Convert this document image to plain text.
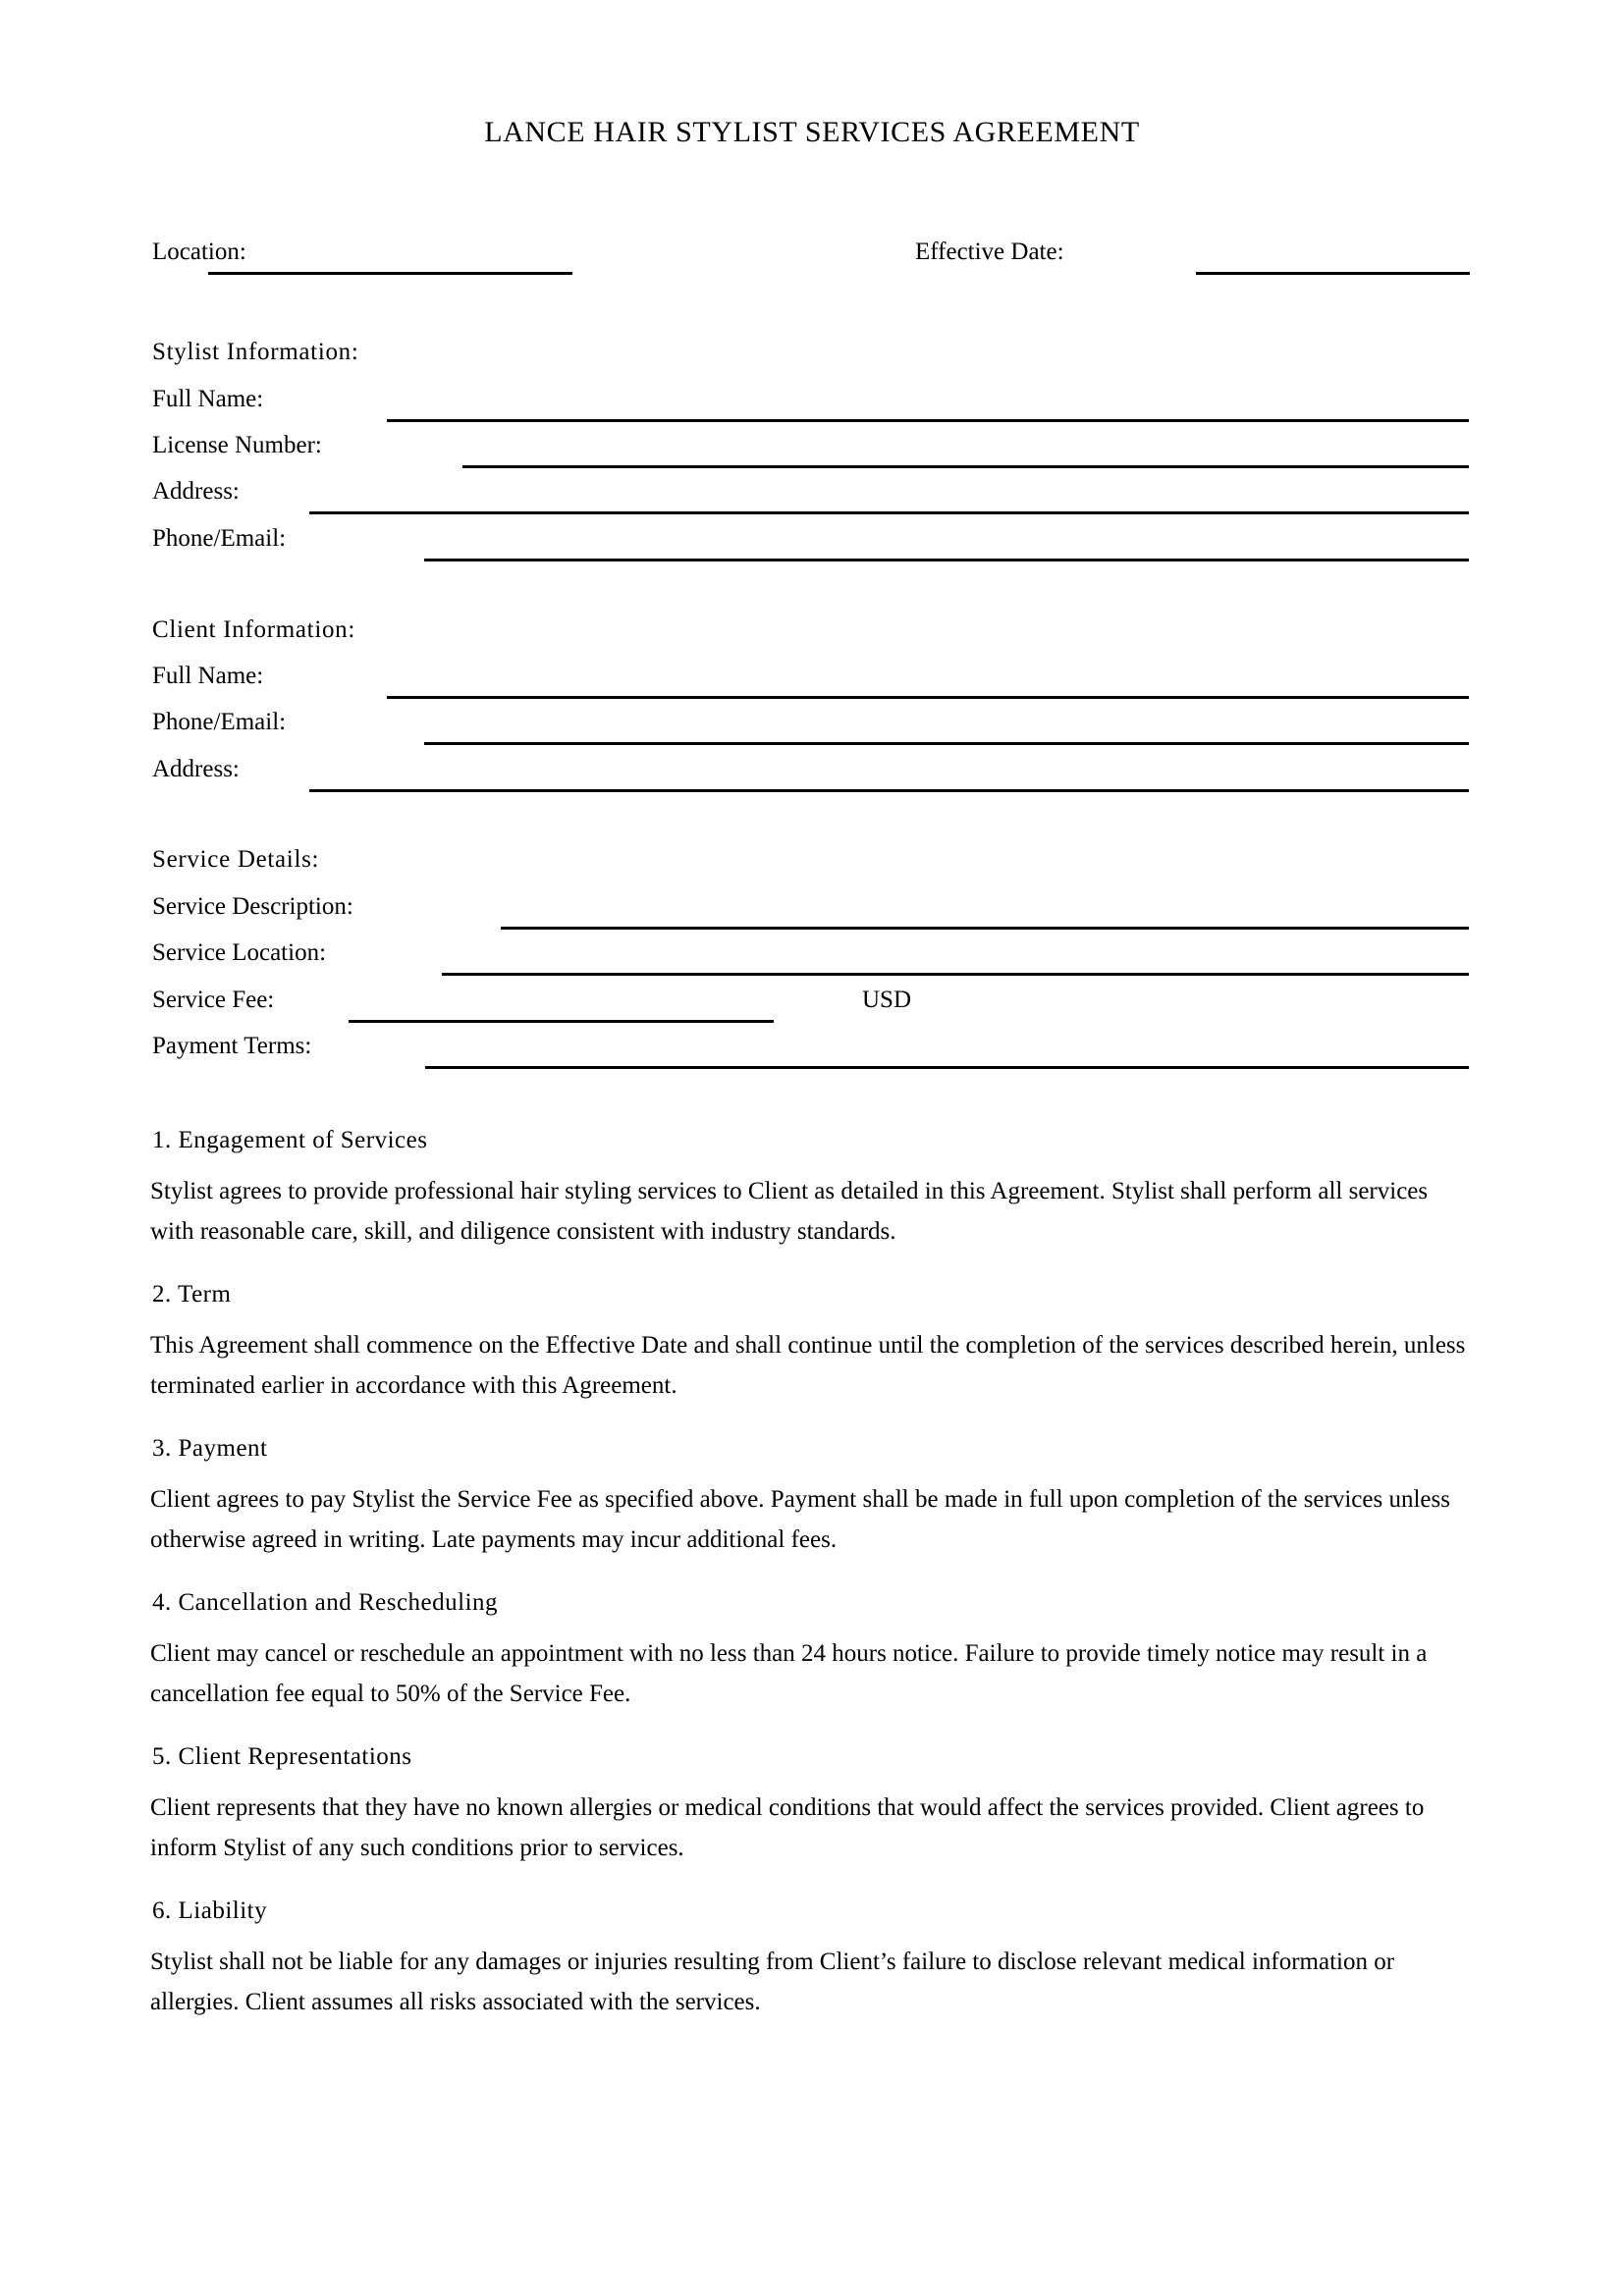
LANCE HAIR STYLIST SERVICES AGREEMENT
Location:	Effective Date:
Stylist Information:
Full Name:
License Number:
Address:
Phone/Email:
Client Information:
Full Name:
Phone/Email:
Address:
Service Details:
Service Description:
Service Location:
Service Fee:	USD
Payment Terms:
1. Engagement of Services
Stylist agrees to provide professional hair styling services to Client as detailed in this Agreement. Stylist shall perform all services with reasonable care, skill, and diligence consistent with industry standards.
2. Term
This Agreement shall commence on the Effective Date and shall continue until the completion of the services described herein, unless terminated earlier in accordance with this Agreement.
3. Payment
Client agrees to pay Stylist the Service Fee as specified above. Payment shall be made in full upon completion of the services unless otherwise agreed in writing. Late payments may incur additional fees.
4. Cancellation and Rescheduling
Client may cancel or reschedule an appointment with no less than 24 hours notice. Failure to provide timely notice may result in a cancellation fee equal to 50% of the Service Fee.
5. Client Representations
Client represents that they have no known allergies or medical conditions that would affect the services provided. Client agrees to inform Stylist of any such conditions prior to services.
6. Liability
Stylist shall not be liable for any damages or injuries resulting from Client’s failure to disclose relevant medical information or allergies. Client assumes all risks associated with the services.
